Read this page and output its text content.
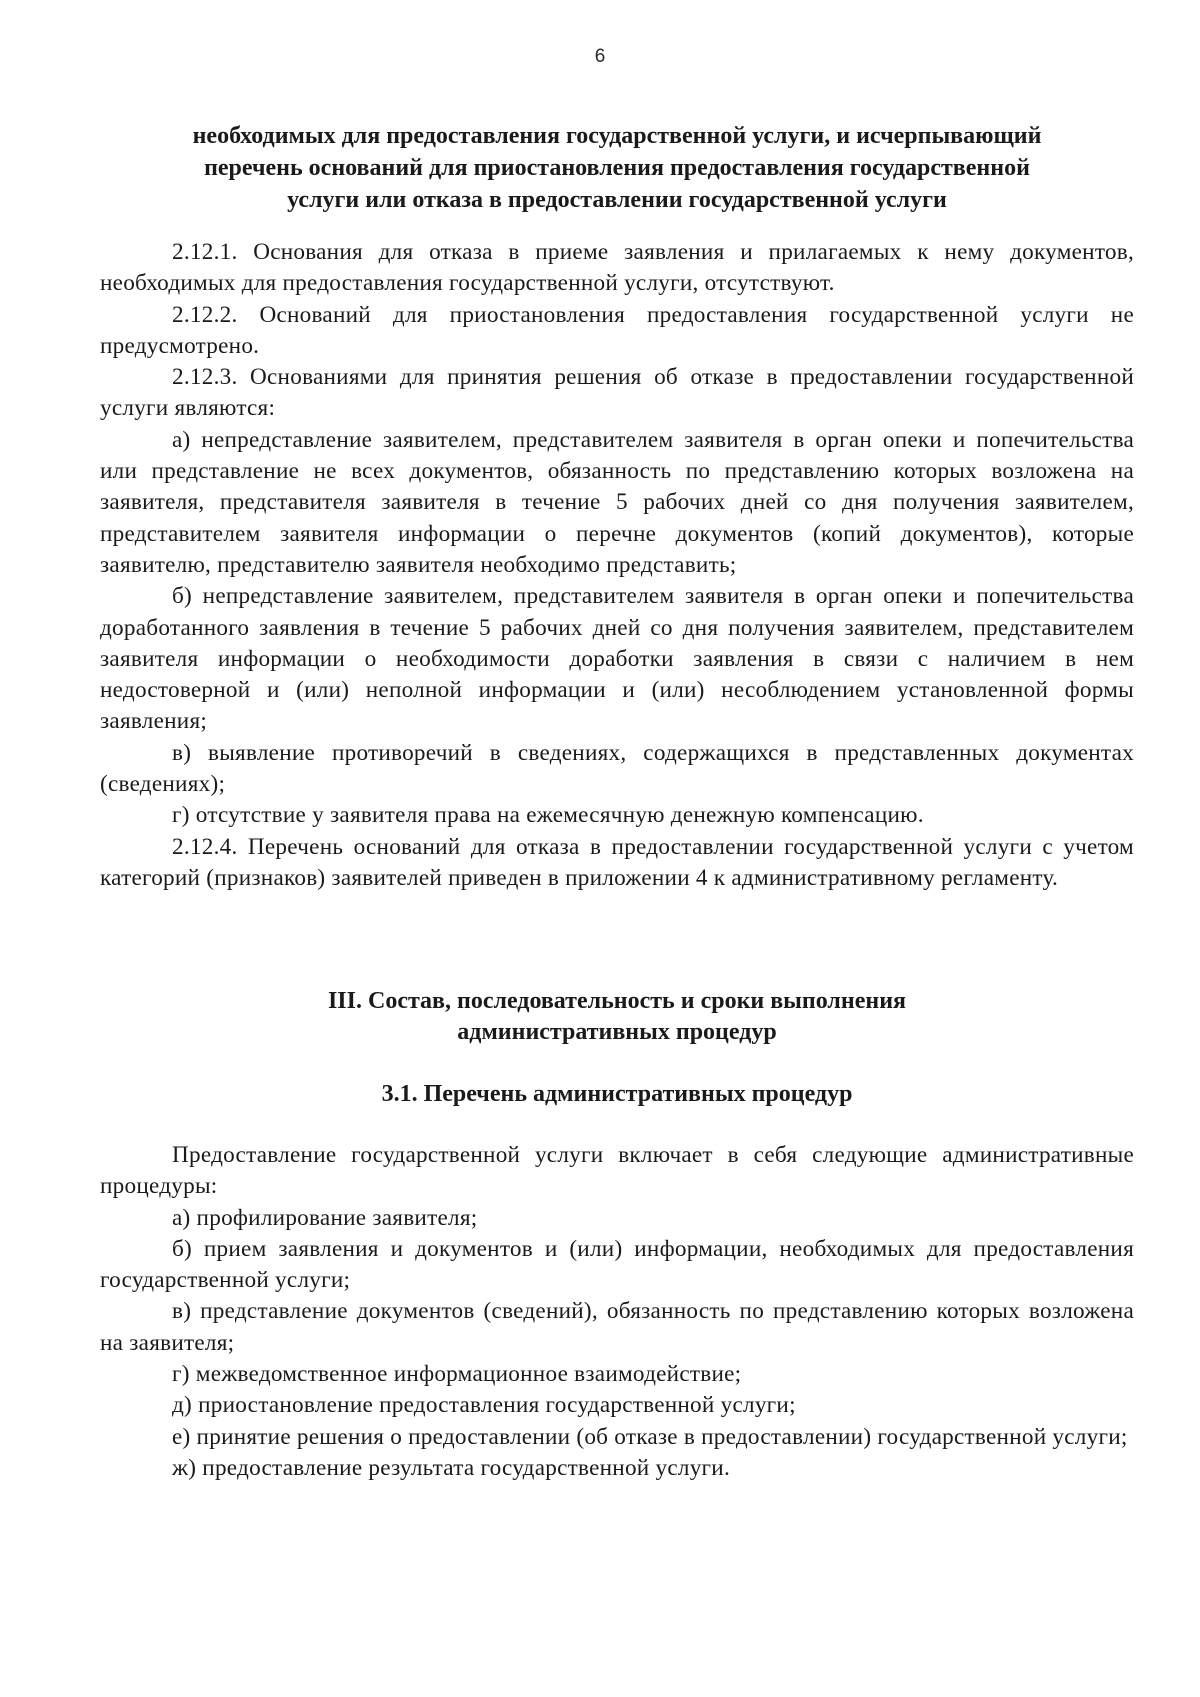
6

необходимых для предоставления государственной услуги, и исчерпывающий

перечень оснований для приостановления предоставления государственной

услуги или отказа в предоставлении государственной услуги

2.12.1. Основания для отказа в приеме заявления и прилагаемых к нему документов, необходимых для предоставления государственной услуги, отсутствуют.

2.12.2. Оснований для приостановления предоставления государственной услуги не предусмотрено.

2.12.3. Основаниями для принятия решения об отказе в предоставлении государственной услуги являются:

а) непредставление заявителем, представителем заявителя в орган опеки и попечительства или представление не всех документов, обязанность по представлению которых возложена на заявителя, представителя заявителя в течение 5 рабочих дней со дня получения заявителем, представителем заявителя информации о перечне документов (копий документов), которые заявителю, представителю заявителя необходимо представить;

б) непредставление заявителем, представителем заявителя в орган опеки и попечительства доработанного заявления в течение 5 рабочих дней со дня получения заявителем, представителем заявителя информации о необходимости доработки заявления в связи с наличием в нем недостоверной и (или) неполной информации и (или) несоблюдением установленной формы заявления;

в) выявление противоречий в сведениях, содержащихся в представленных документах (сведениях);

г) отсутствие у заявителя права на ежемесячную денежную компенсацию.

2.12.4. Перечень оснований для отказа в предоставлении государственной услуги с учетом категорий (признаков) заявителей приведен в приложении 4 к административному регламенту.

III. Состав, последовательность и сроки выполнения

административных процедур

3.1. Перечень административных процедур

Предоставление государственной услуги включает в себя следующие административные процедуры:

а) профилирование заявителя;

б) прием заявления и документов и (или) информации, необходимых для предоставления государственной услуги;

в) представление документов (сведений), обязанность по представлению которых возложена на заявителя;

г) межведомственное информационное взаимодействие;

д) приостановление предоставления государственной услуги;

е) принятие решения о предоставлении (об отказе в предоставлении) государственной услуги;

ж) предоставление результата государственной услуги.
